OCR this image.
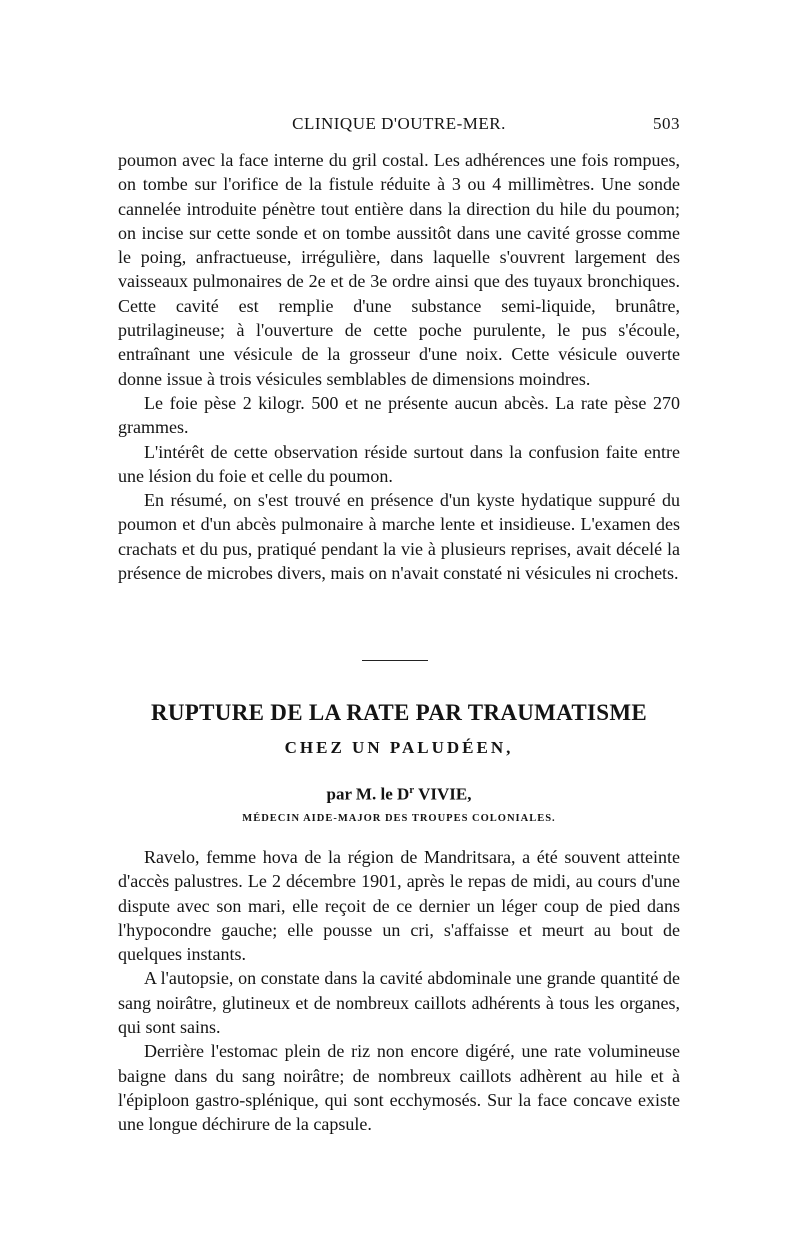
CLINIQUE D'OUTRE-MER.	503

poumon avec la face interne du gril costal. Les adhérences une fois rompues, on tombe sur l'orifice de la fistule réduite à 3 ou 4 millimètres. Une sonde cannelée introduite pénètre tout entière dans la direction du hile du poumon; on incise sur cette sonde et on tombe aussitôt dans une cavité grosse comme le poing, anfractueuse, irrégulière, dans laquelle s'ouvrent largement des vaisseaux pulmonaires de 2e et de 3e ordre ainsi que des tuyaux bronchiques. Cette cavité est remplie d'une substance semi-liquide, brunâtre, putrilagineuse; à l'ouverture de cette poche purulente, le pus s'écoule, entraînant une vésicule de la grosseur d'une noix. Cette vésicule ouverte donne issue à trois vésicules semblables de dimensions moindres.

Le foie pèse 2 kilogr. 500 et ne présente aucun abcès. La rate pèse 270 grammes.

L'intérêt de cette observation réside surtout dans la confusion faite entre une lésion du foie et celle du poumon.

En résumé, on s'est trouvé en présence d'un kyste hydatique suppuré du poumon et d'un abcès pulmonaire à marche lente et insidieuse. L'examen des crachats et du pus, pratiqué pendant la vie à plusieurs reprises, avait décelé la présence de microbes divers, mais on n'avait constaté ni vésicules ni crochets.

RUPTURE DE LA RATE PAR TRAUMATISME
CHEZ UN PALUDÉEN,
par M. le $D^r$ VIVIE,
MÉDECIN AIDE-MAJOR DES TROUPES COLONIALES.

Ravelo, femme hova de la région de Mandritsara, a été souvent atteinte d'accès palustres. Le 2 décembre 1901, après le repas de midi, au cours d'une dispute avec son mari, elle reçoit de ce dernier un léger coup de pied dans l'hypocondre gauche; elle pousse un cri, s'affaisse et meurt au bout de quelques instants.

A l'autopsie, on constate dans la cavité abdominale une grande quantité de sang noirâtre, glutineux et de nombreux caillots adhérents à tous les organes, qui sont sains.

Derrière l'estomac plein de riz non encore digéré, une rate volumineuse baigne dans du sang noirâtre; de nombreux caillots adhèrent au hile et à l'épiploon gastro-splénique, qui sont ecchymosés. Sur la face concave existe une longue déchirure de la capsule.
